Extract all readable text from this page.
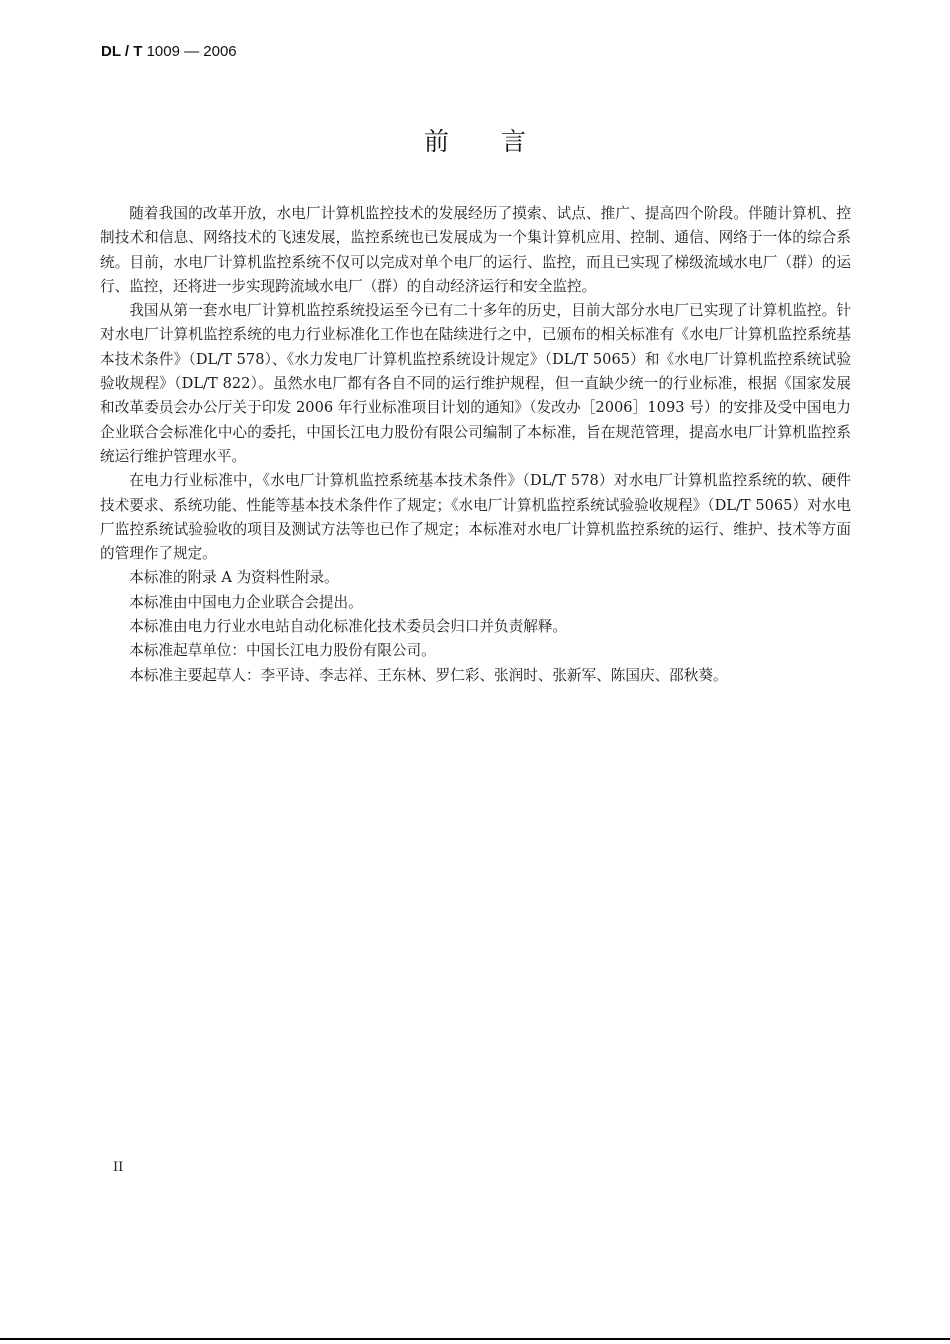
DL / T 1009 — 2006
前言

随着我国的改革开放，水电厂计算机监控技术的发展经历了摸索、试点、推广、提高四个阶段。伴随计算机、控制技术和信息、网络技术的飞速发展，监控系统也已发展成为一个集计算机应用、控制、通信、网络于一体的综合系统。目前，水电厂计算机监控系统不仅可以完成对单个电厂的运行、监控，而且已实现了梯级流域水电厂（群）的运行、监控，还将进一步实现跨流域水电厂（群）的自动经济运行和安全监控。

我国从第一套水电厂计算机监控系统投运至今已有二十多年的历史，目前大部分水电厂已实现了计算机监控。针对水电厂计算机监控系统的电力行业标准化工作也在陆续进行之中，已颁布的相关标准有《水电厂计算机监控系统基本技术条件》（DL/T 578）、《水力发电厂计算机监控系统设计规定》（DL/T 5065）和《水电厂计算机监控系统试验验收规程》（DL/T 822）。虽然水电厂都有各自不同的运行维护规程，但一直缺少统一的行业标准，根据《国家发展和改革委员会办公厅关于印发 2006 年行业标准项目计划的通知》（发改办［2006］1093 号）的安排及受中国电力企业联合会标准化中心的委托，中国长江电力股份有限公司编制了本标准，旨在规范管理，提高水电厂计算机监控系统运行维护管理水平。

在电力行业标准中，《水电厂计算机监控系统基本技术条件》（DL/T 578）对水电厂计算机监控系统的软、硬件技术要求、系统功能、性能等基本技术条件作了规定；《水电厂计算机监控系统试验验收规程》（DL/T 5065）对水电厂监控系统试验验收的项目及测试方法等也已作了规定；本标准对水电厂计算机监控系统的运行、维护、技术等方面的管理作了规定。

本标准的附录 A 为资料性附录。

本标准由中国电力企业联合会提出。

本标准由电力行业水电站自动化标准化技术委员会归口并负责解释。

本标准起草单位：中国长江电力股份有限公司。

本标准主要起草人：李平诗、李志祥、王东林、罗仁彩、张润时、张新军、陈国庆、邵秋葵。

II
